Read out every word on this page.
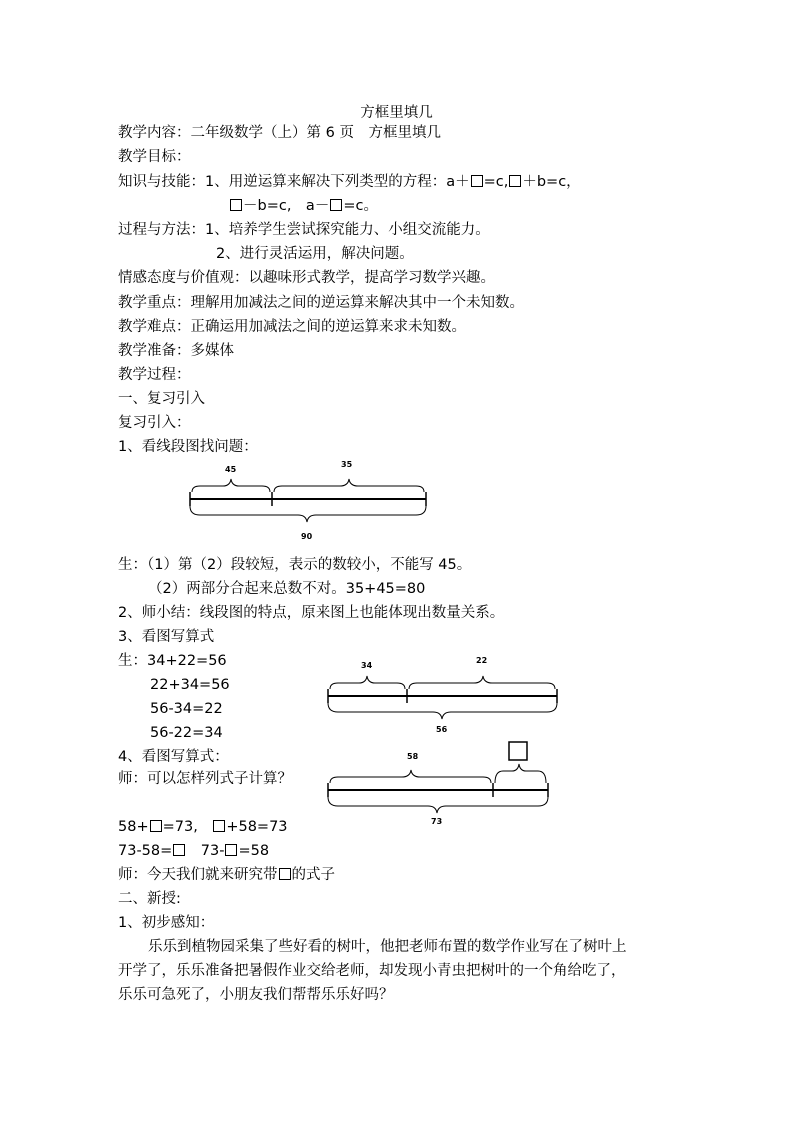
方框里填几
教学内容：二年级数学（上）第 6 页　方框里填几
教学目标：
知识与技能：1、用逆运算来解决下列类型的方程：a＋ =c, ＋b=c，
－b=c,　a－ =c。
过程与方法：1、培养学生尝试探究能力、小组交流能力。
2、进行灵活运用，解决问题。
情感态度与价值观：以趣味形式教学，提高学习数学兴趣。
教学重点：理解用加减法之间的逆运算来解决其中一个未知数。
教学难点：正确运用加减法之间的逆运算来求未知数。
教学准备：多媒体
教学过程：
一、复习引入
复习引入：
1、看线段图找问题：
生：（1）第（2）段较短，表示的数较小，不能写 45。
（2）两部分合起来总数不对。35+45=80
2、师小结：线段图的特点，原来图上也能体现出数量关系。
3、看图写算式
生：34+22=56
22+34=56
56-34=22
56-22=34
4、看图写算式：
师：可以怎样列式子计算？
58+ =73,　+58=73
73-58=　73- =58
师：今天我们就来研究带 的式子
二、新授:
1、初步感知：
乐乐到植物园采集了些好看的树叶，他把老师布置的数学作业写在了树叶上
开学了，乐乐准备把暑假作业交给老师，却发现小青虫把树叶的一个角给吃了，
乐乐可急死了，小朋友我们帮帮乐乐好吗？
45
35
90
34
22
56
58
73
